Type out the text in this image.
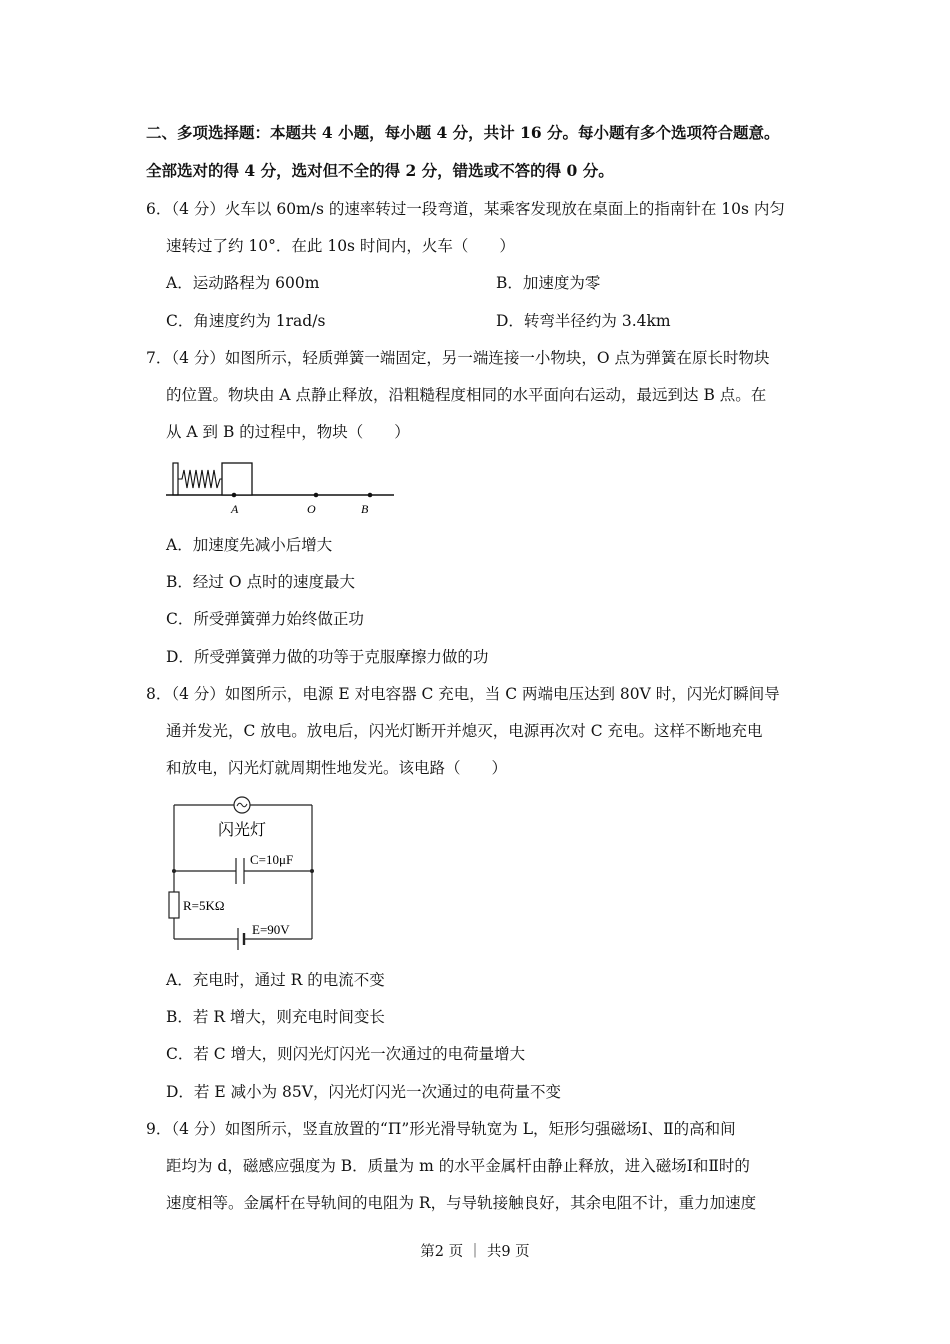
二、多项选择题：本题共 4 小题，每小题 4 分，共计 16 分。每小题有多个选项符合题意。
全部选对的得 4 分，选对但不全的得 2 分，错选或不答的得 0 分。
6．（4 分）火车以 60m/s 的速率转过一段弯道，某乘客发现放在桌面上的指南针在 10s 内匀
速转过了约 10°．在此 10s 时间内，火车（　　）
A．运动路程为 600m	B．加速度为零
C．角速度约为 1rad/s	D．转弯半径约为 3.4km
7．（4 分）如图所示，轻质弹簧一端固定，另一端连接一小物块，O 点为弹簧在原长时物块
的位置。物块由 A 点静止释放，沿粗糙程度相同的水平面向右运动，最远到达 B 点。在
从 A 到 B 的过程中，物块（　　）
A	O	B
A．加速度先减小后增大
B．经过 O 点时的速度最大
C．所受弹簧弹力始终做正功
D．所受弹簧弹力做的功等于克服摩擦力做的功
8．（4 分）如图所示，电源 E 对电容器 C 充电，当 C 两端电压达到 80V 时，闪光灯瞬间导
通并发光，C 放电。放电后，闪光灯断开并熄灭，电源再次对 C 充电。这样不断地充电
和放电，闪光灯就周期性地发光。该电路（　　）
闪光灯
C=10μF
R=5KΩ
E=90V
A．充电时，通过 R 的电流不变
B．若 R 增大，则充电时间变长
C．若 C 增大，则闪光灯闪光一次通过的电荷量增大
D．若 E 减小为 85V，闪光灯闪光一次通过的电荷量不变
9．（4 分）如图所示，竖直放置的“Π”形光滑导轨宽为 L，矩形匀强磁场Ⅰ、Ⅱ的高和间
距均为 d，磁感应强度为 B．质量为 m 的水平金属杆由静止释放，进入磁场Ⅰ和Ⅱ时的
速度相等。金属杆在导轨间的电阻为 R，与导轨接触良好，其余电阻不计，重力加速度
第2 页 ｜ 共9 页
